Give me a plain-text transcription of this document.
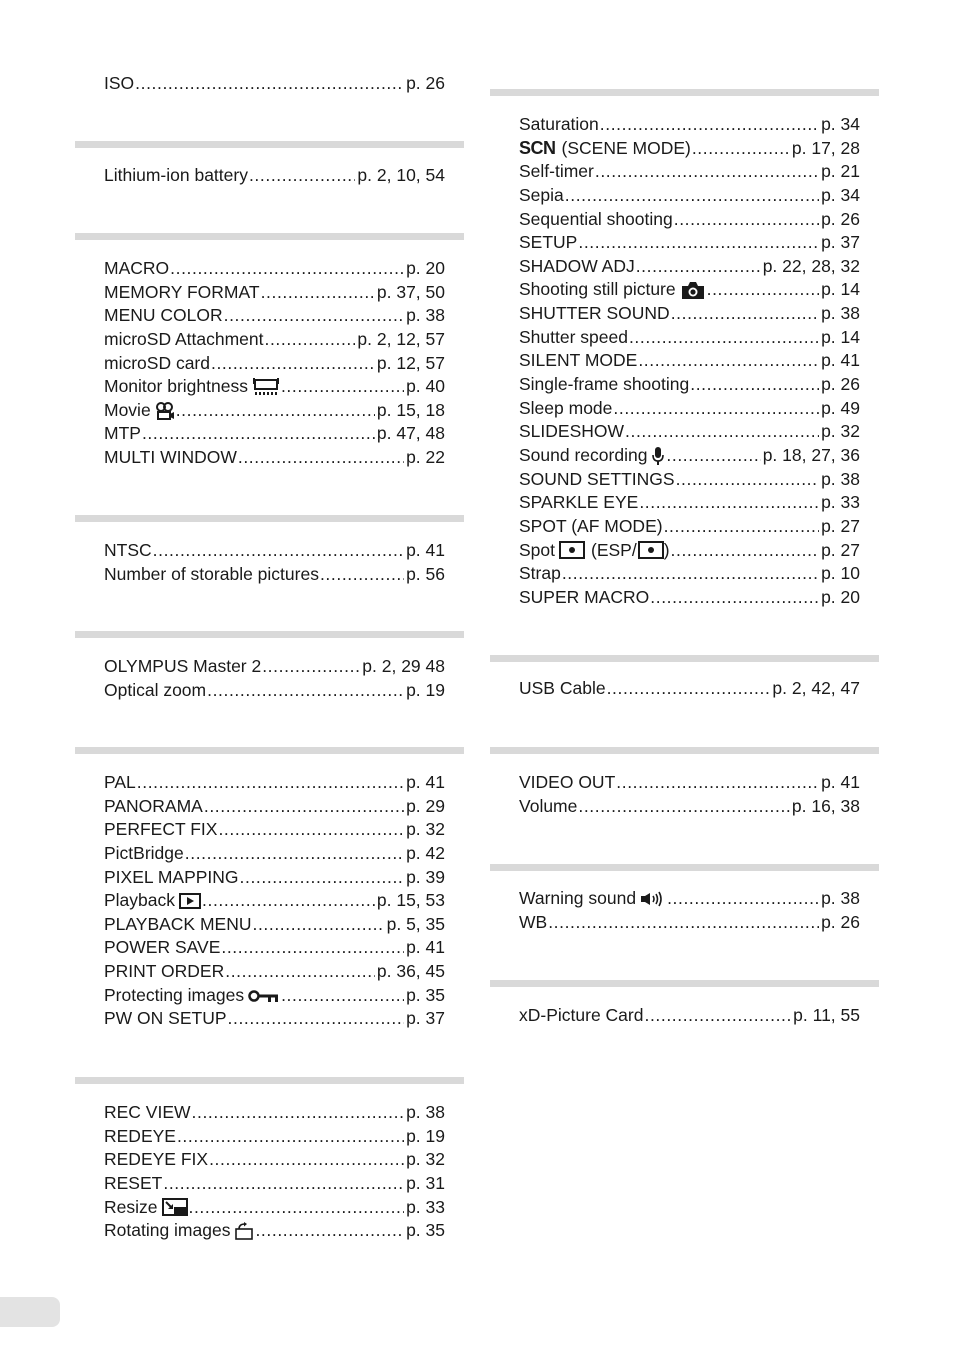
ISO .....	p. 26
Lithium-ion battery .....	p. 2, 10, 54
MACRO .....	p. 20
MEMORY FORMAT .....	p. 37, 50
MENU COLOR .....	p. 38
microSD Attachment .....	p. 2, 12, 57
microSD card .....	p. 12, 57
Monitor brightness .....	p. 40
Movie .....	p. 15, 18
MTP .....	p. 47, 48
MULTI WINDOW .....	p. 22
NTSC .....	p. 41
Number of storable pictures .....	p. 56
OLYMPUS Master 2 .....	p. 2, 29 48
Optical zoom .....	p. 19
PAL .....	p. 41
PANORAMA .....	p. 29
PERFECT FIX .....	p. 32
PictBridge .....	p. 42
PIXEL MAPPING .....	p. 39
Playback .....	p. 15, 53
PLAYBACK MENU .....	p. 5, 35
POWER SAVE .....	p. 41
PRINT ORDER .....	p. 36, 45
Protecting images .....	p. 35
PW ON SETUP .....	p. 37
REC VIEW .....	p. 38
REDEYE .....	p. 19
REDEYE FIX .....	p. 32
RESET .....	p. 31
Resize .....	p. 33
Rotating images .....	p. 35
Saturation .....	p. 34
SCN (SCENE MODE) .....	p. 17, 28
Self-timer .....	p. 21
Sepia .....	p. 34
Sequential shooting .....	p. 26
SETUP .....	p. 37
SHADOW ADJ .....	p. 22, 28, 32
Shooting still picture .....	p. 14
SHUTTER SOUND .....	p. 38
Shutter speed .....	p. 14
SILENT MODE .....	p. 41
Single-frame shooting .....	p. 26
Sleep mode .....	p. 49
SLIDESHOW .....	p. 32
Sound recording .....	p. 18, 27, 36
SOUND SETTINGS .....	p. 38
SPARKLE EYE .....	p. 33
SPOT (AF MODE) .....	p. 27
Spot (ESP/ ) .....	p. 27
Strap .....	p. 10
SUPER MACRO .....	p. 20
USB Cable .....	p. 2, 42, 47
VIDEO OUT .....	p. 41
Volume .....	p. 16, 38
Warning sound .....	p. 38
WB .....	p. 26
xD-Picture Card .....	p. 11, 55
